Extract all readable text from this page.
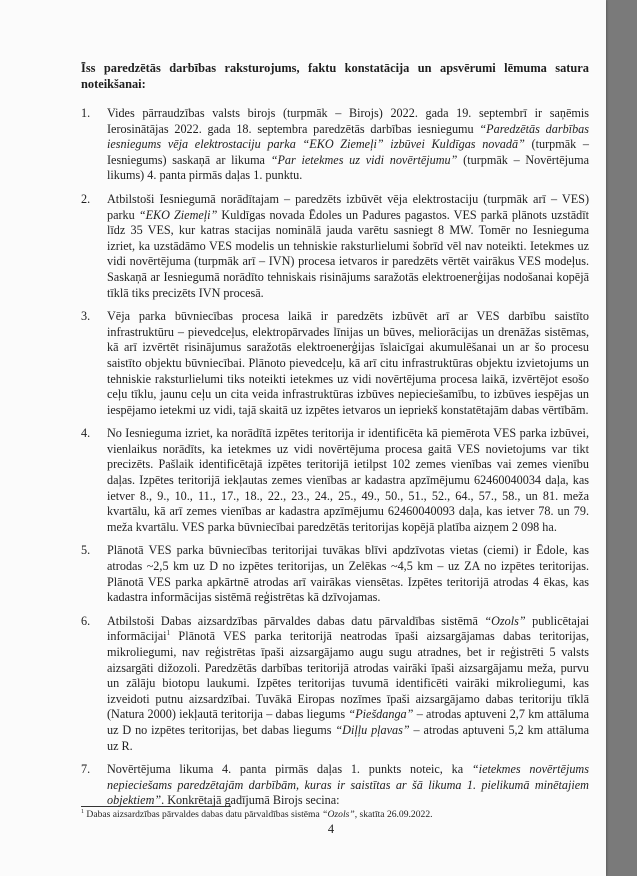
Īss paredzētās darbības raksturojums, faktu konstatācija un apsvērumi lēmuma satura noteikšanai:

1.	Vides pārraudzības valsts birojs (turpmāk – Birojs) 2022. gada 19. septembrī ir saņēmis Ierosinātājas 2022. gada 18. septembra paredzētās darbības iesniegumu “Paredzētās darbības iesniegums vēja elektrostaciju parka “EKO Ziemeļi” izbūvei Kuldīgas novadā” (turpmāk – Iesniegums) saskaņā ar likuma “Par ietekmes uz vidi novērtējumu” (turpmāk – Novērtējuma likums) 4. panta pirmās daļas 1. punktu.
2.	Atbilstoši Iesniegumā norādītajam – paredzēts izbūvēt vēja elektrostaciju (turpmāk arī – VES) parku “EKO Ziemeļi” Kuldīgas novada Ēdoles un Padures pagastos. VES parkā plānots uzstādīt līdz 35 VES, kur katras stacijas nominālā jauda varētu sasniegt 8 MW. Tomēr no Iesnieguma izriet, ka uzstādāmo VES modelis un tehniskie raksturlielumi šobrīd vēl nav noteikti. Ietekmes uz vidi novērtējuma (turpmāk arī – IVN) procesa ietvaros ir paredzēts vērtēt vairākus VES modeļus. Saskaņā ar Iesniegumā norādīto tehniskais risinājums saražotās elektroenerģijas nodošanai kopējā tīklā tiks precizēts IVN procesā.
3.	Vēja parka būvniecības procesa laikā ir paredzēts izbūvēt arī ar VES darbību saistīto infrastruktūru – pievedceļus, elektropārvades līnijas un būves, meliorācijas un drenāžas sistēmas, kā arī izvērtēt risinājumus saražotās elektroenerģijas īslaicīgai akumulēšanai un ar šo procesu saistīto objektu būvniecībai. Plānoto pievedceļu, kā arī citu infrastruktūras objektu izvietojums un tehniskie raksturlielumi tiks noteikti ietekmes uz vidi novērtējuma procesa laikā, izvērtējot esošo ceļu tīklu, jaunu ceļu un cita veida infrastruktūras izbūves nepieciešamību, to izbūves iespējas un iespējamo ietekmi uz vidi, tajā skaitā uz izpētes ietvaros un iepriekš konstatētajām dabas vērtībām.
4.	No Iesnieguma izriet, ka norādītā izpētes teritorija ir identificēta kā piemērota VES parka izbūvei, vienlaikus norādīts, ka ietekmes uz vidi novērtējuma procesa gaitā VES novietojums var tikt precizēts. Pašlaik identificētajā izpētes teritorijā ietilpst 102 zemes vienības vai zemes vienību daļas. Izpētes teritorijā iekļautas zemes vienības ar kadastra apzīmējumu 62460040034 daļa, kas ietver 8., 9., 10., 11., 17., 18., 22., 23., 24., 25., 49., 50., 51., 52., 64., 57., 58., un 81. meža kvartālu, kā arī zemes vienības ar kadastra apzīmējumu 62460040093 daļa, kas ietver 78. un 79. meža kvartālu. VES parka būvniecībai paredzētās teritorijas kopējā platība aizņem 2 098 ha.
5.	Plānotā VES parka būvniecības teritorijai tuvākas blīvi apdzīvotas vietas (ciemi) ir Ēdole, kas atrodas ~2,5 km uz D no izpētes teritorijas, un Zelēkas ~4,5 km – uz ZA no izpētes teritorijas. Plānotā VES parka apkārtnē atrodas arī vairākas viensētas. Izpētes teritorijā atrodas 4 ēkas, kas kadastra informācijas sistēmā reģistrētas kā dzīvojamas.
6.	Atbilstoši Dabas aizsardzības pārvaldes dabas datu pārvaldības sistēmā “Ozols” publicētajai informācijai$^1$ Plānotā VES parka teritorijā neatrodas īpaši aizsargājamas dabas teritorijas, mikroliegumi, nav reģistrētas īpaši aizsargājamo augu sugu atradnes, bet ir reģistrēti 5 valsts aizsargāti dižozoli. Paredzētās darbības teritorijā atrodas vairāki īpaši aizsargājamu meža, purvu un zālāju biotopu laukumi. Izpētes teritorijas tuvumā identificēti vairāki mikroliegumi, kas izveidoti putnu aizsardzībai. Tuvākā Eiropas nozīmes īpaši aizsargājamo dabas teritoriju tīklā (Natura 2000) iekļautā teritorija – dabas liegums “Piešdanga” – atrodas aptuveni 2,7 km attāluma uz D no izpētes teritorijas, bet dabas liegums “Diļļu pļavas” – atrodas aptuveni 5,2 km attāluma uz R.
7.	Novērtējuma likuma 4. panta pirmās daļas 1. punkts noteic, ka “ietekmes novērtējums nepieciešams paredzētajām darbībām, kuras ir saistītas ar šā likuma 1. pielikumā minētajiem objektiem”. Konkrētajā gadījumā Birojs secina:
$^1$ Dabas aizsardzības pārvaldes dabas datu pārvaldības sistēma “Ozols”, skatīta 26.09.2022.
4
